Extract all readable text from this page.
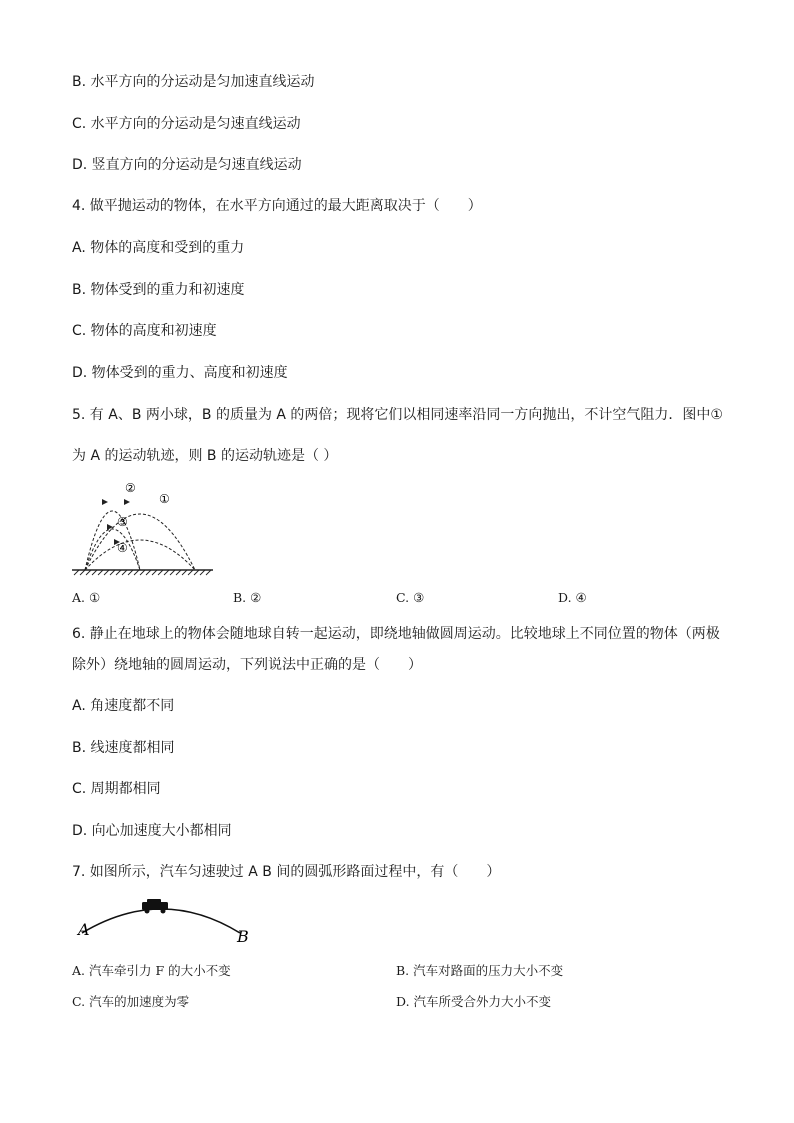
B. 水平方向的分运动是匀加速直线运动
C. 水平方向的分运动是匀速直线运动
D. 竖直方向的分运动是匀速直线运动
4. 做平抛运动的物体，在水平方向通过的最大距离取决于（　　）
A. 物体的高度和受到的重力
B. 物体受到的重力和初速度
C. 物体的高度和初速度
D. 物体受到的重力、高度和初速度
5. 有 A、B 两小球，B 的质量为 A 的两倍；现将它们以相同速率沿同一方向抛出，不计空气阻力．图中①
为 A 的运动轨迹，则 B 的运动轨迹是（ ）
②
①
③
④
A. ①	B. ②	C. ③	D. ④
6. 静止在地球上的物体会随地球自转一起运动，即绕地轴做圆周运动。比较地球上不同位置的物体（两极
除外）绕地轴的圆周运动，下列说法中正确的是（　　）
A. 角速度都不同
B. 线速度都相同
C. 周期都相同
D. 向心加速度大小都相同
7. 如图所示，汽车匀速驶过 A B 间的圆弧形路面过程中，有（　　）
A	B
A. 汽车牵引力 F 的大小不变	B. 汽车对路面的压力大小不变
C. 汽车的加速度为零	D. 汽车所受合外力大小不变
